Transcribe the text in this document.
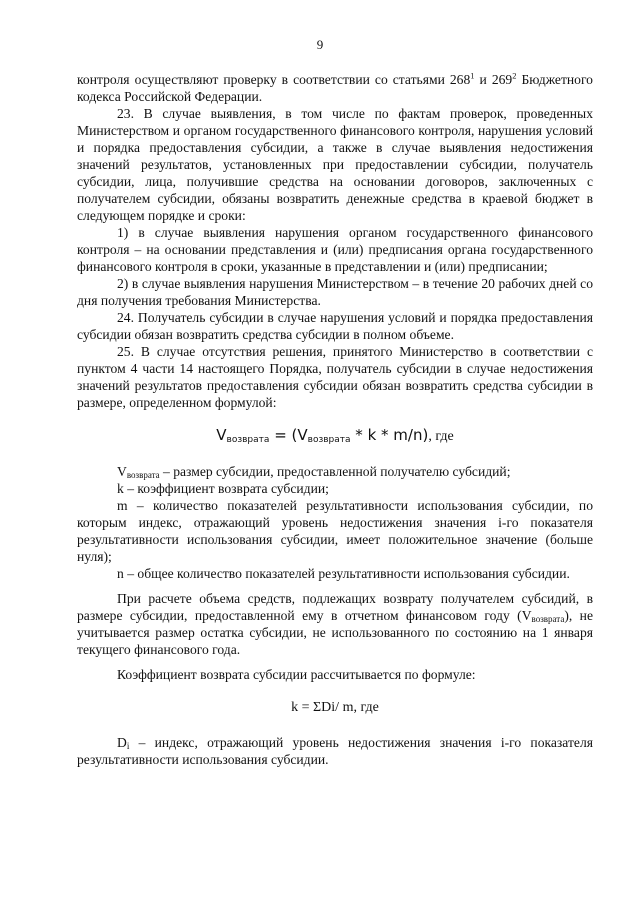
9

контроля осуществляют проверку в соответствии со статьями $268^1$ и $269^2$ Бюджетного кодекса Российской Федерации.

23. В случае выявления, в том числе по фактам проверок, проведенных Министерством и органом государственного финансового контроля, нарушения условий и порядка предоставления субсидии, а также в случае выявления недостижения значений результатов, установленных при предоставлении субсидии, получатель субсидии, лица, получившие средства на основании договоров, заключенных с получателем субсидии, обязаны возвратить денежные средства в краевой бюджет в следующем порядке и сроки:

1) в случае выявления нарушения органом государственного финансового контроля – на основании представления и (или) предписания органа государственного финансового контроля в сроки, указанные в представлении и (или) предписании;

2) в случае выявления нарушения Министерством – в течение 20 рабочих дней со дня получения требования Министерства.

24. Получатель субсидии в случае нарушения условий и порядка предоставления субсидии обязан возвратить средства субсидии в полном объеме.

25. В случае отсутствия решения, принятого Министерство в соответствии с пунктом 4 части 14 настоящего Порядка, получатель субсидии в случае недостижения значений результатов предоставления субсидии обязан возвратить средства субсидии в размере, определенном формулой:

$V_{возврата} = (V_{возврата} * k * m/n)$, где

$V_{возврата}$ – размер субсидии, предоставленной получателю субсидий;

k – коэффициент возврата субсидии;

m – количество показателей результативности использования субсидии, по которым индекс, отражающий уровень недостижения значения i-го показателя результативности использования субсидии, имеет положительное значение (больше нуля);

n – общее количество показателей результативности использования субсидии.

При расчете объема средств, подлежащих возврату получателем субсидий, в размере субсидии, предоставленной ему в отчетном финансовом году $(V_{возврата})$, не учитывается размер остатка субсидии, не использованного по состоянию на 1 января текущего финансового года.

Коэффициент возврата субсидии рассчитывается по формуле:

k = ΣDi/ m, где

$D_i$ – индекс, отражающий уровень недостижения значения i-го показателя результативности использования субсидии.
